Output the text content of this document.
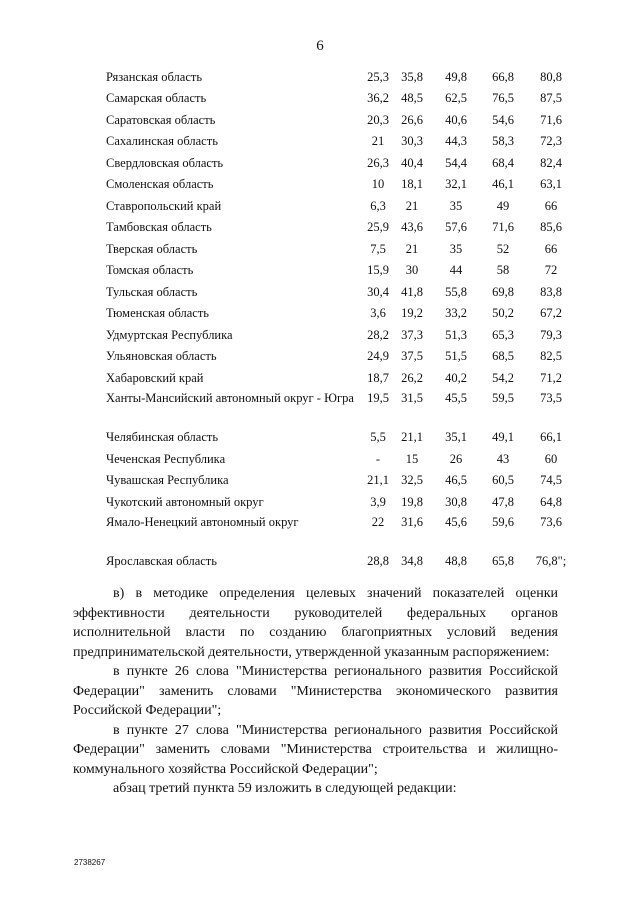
6
Рязанская область	25,3	35,8	49,8	66,8	80,8
Самарская область	36,2	48,5	62,5	76,5	87,5
Саратовская область	20,3	26,6	40,6	54,6	71,6
Сахалинская область	21	30,3	44,3	58,3	72,3
Свердловская область	26,3	40,4	54,4	68,4	82,4
Смоленская область	10	18,1	32,1	46,1	63,1
Ставропольский край	6,3	21	35	49	66
Тамбовская область	25,9	43,6	57,6	71,6	85,6
Тверская область	7,5	21	35	52	66
Томская область	15,9	30	44	58	72
Тульская область	30,4	41,8	55,8	69,8	83,8
Тюменская область	3,6	19,2	33,2	50,2	67,2
Удмуртская Республика	28,2	37,3	51,3	65,3	79,3
Ульяновская область	24,9	37,5	51,5	68,5	82,5
Хабаровский край	18,7	26,2	40,2	54,2	71,2
Ханты-Мансийский автономный округ - Югра	19,5	31,5	45,5	59,5	73,5
Челябинская область	5,5	21,1	35,1	49,1	66,1
Чеченская Республика	-	15	26	43	60
Чувашская Республика	21,1	32,5	46,5	60,5	74,5
Чукотский автономный округ	3,9	19,8	30,8	47,8	64,8
Ямало-Ненецкий автономный округ	22	31,6	45,6	59,6	73,6
Ярославская область	28,8	34,8	48,8	65,8	76,8";

в) в методике определения целевых значений показателей оценки эффективности деятельности руководителей федеральных органов исполнительной власти по созданию благоприятных условий ведения предпринимательской деятельности, утвержденной указанным распоряжением:

в пункте 26 слова "Министерства регионального развития Российской Федерации" заменить словами "Министерства экономического развития Российской Федерации";

в пункте 27 слова "Министерства регионального развития Российской Федерации" заменить словами "Министерства строительства и жилищно-коммунального хозяйства Российской Федерации";

абзац третий пункта 59 изложить в следующей редакции:

2738267
